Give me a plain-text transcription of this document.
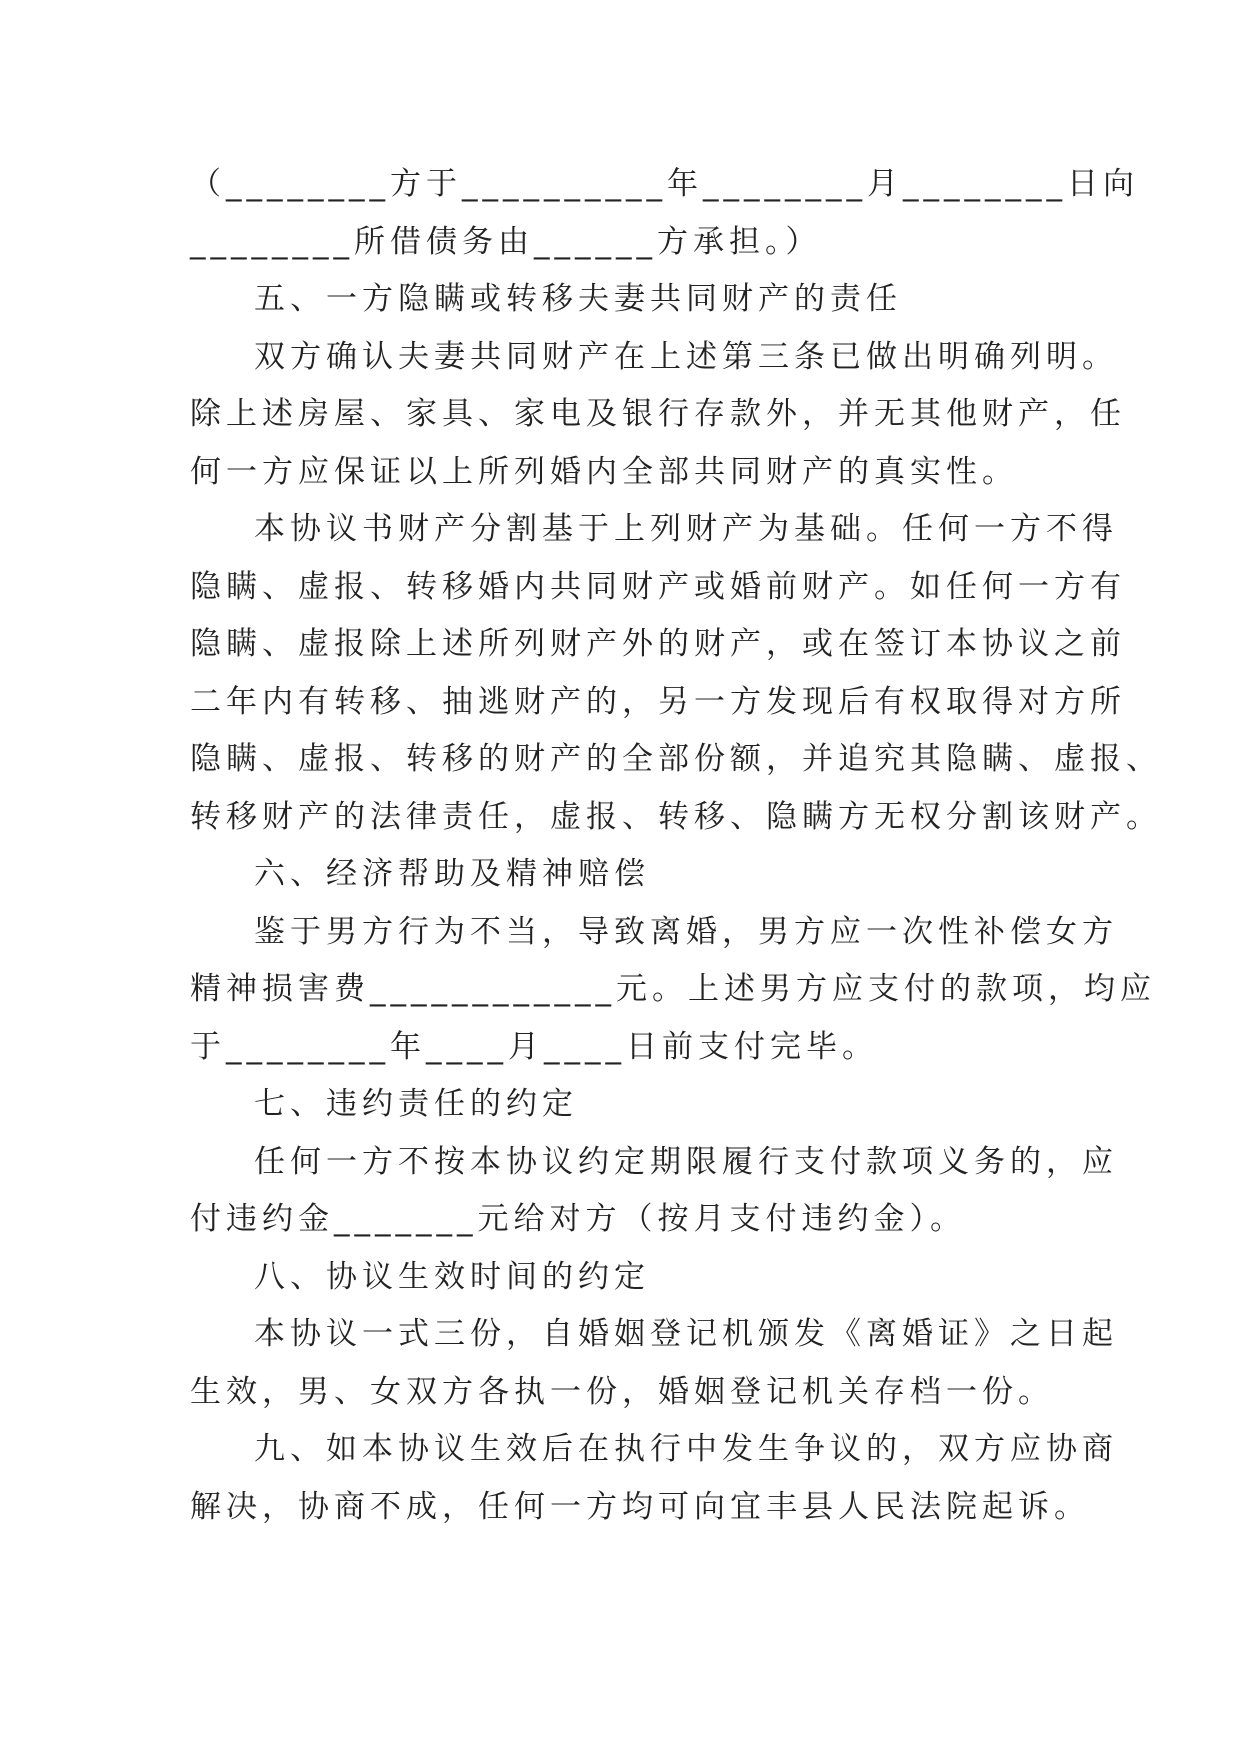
（________方于__________年________月________日向
________所借债务由______方承担。）
五、一方隐瞒或转移夫妻共同财产的责任
双方确认夫妻共同财产在上述第三条已做出明确列明。
除上述房屋、家具、家电及银行存款外，并无其他财产，任
何一方应保证以上所列婚内全部共同财产的真实性。
本协议书财产分割基于上列财产为基础。任何一方不得
隐瞒、虚报、转移婚内共同财产或婚前财产。如任何一方有
隐瞒、虚报除上述所列财产外的财产，或在签订本协议之前
二年内有转移、抽逃财产的，另一方发现后有权取得对方所
隐瞒、虚报、转移的财产的全部份额，并追究其隐瞒、虚报、
转移财产的法律责任，虚报、转移、隐瞒方无权分割该财产。
六、经济帮助及精神赔偿
鉴于男方行为不当，导致离婚，男方应一次性补偿女方
精神损害费____________元。上述男方应支付的款项，均应
于________年____月____日前支付完毕。
七、违约责任的约定
任何一方不按本协议约定期限履行支付款项义务的，应
付违约金_______元给对方（按月支付违约金）。
八、协议生效时间的约定
本协议一式三份，自婚姻登记机颁发《离婚证》之日起
生效，男、女双方各执一份，婚姻登记机关存档一份。
九、如本协议生效后在执行中发生争议的，双方应协商
解决，协商不成，任何一方均可向宜丰县人民法院起诉。
